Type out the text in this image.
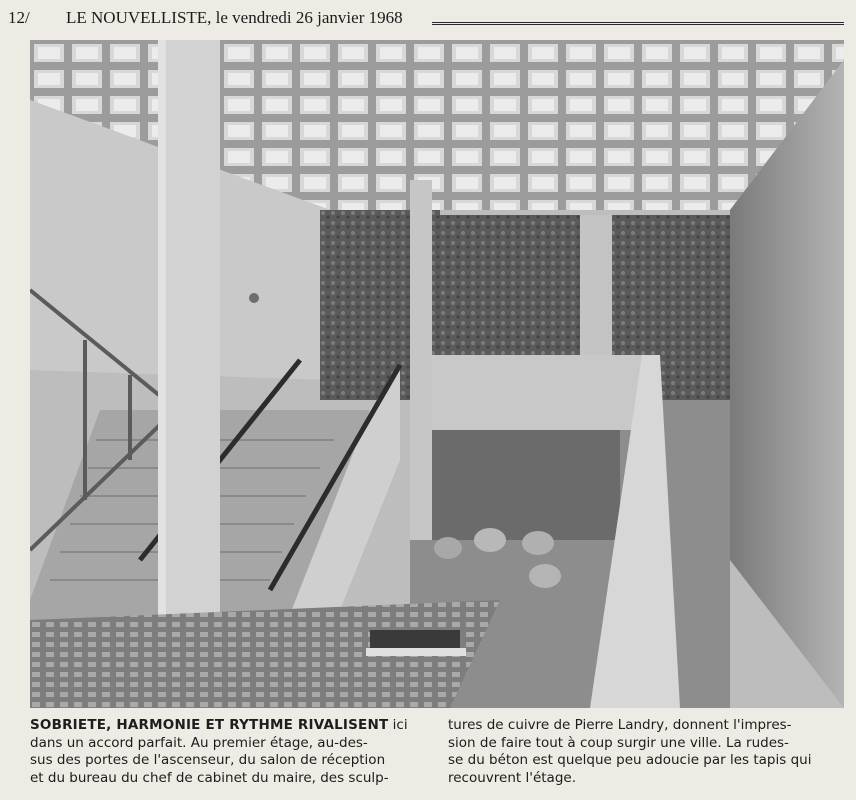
12/ LE NOUVELLISTE, le vendredi 26 janvier 1968
SOBRIETE, HARMONIE ET RYTHME RIVALISENT ici
dans un accord parfait. Au premier étage, au-des-
sus des portes de l'ascenseur, du salon de réception
et du bureau du chef de cabinet du maire, des sculp-
tures de cuivre de Pierre Landry, donnent l'impres-
sion de faire tout à coup surgir une ville. La rudes-
se du béton est quelque peu adoucie par les tapis qui
recouvrent l'étage.
